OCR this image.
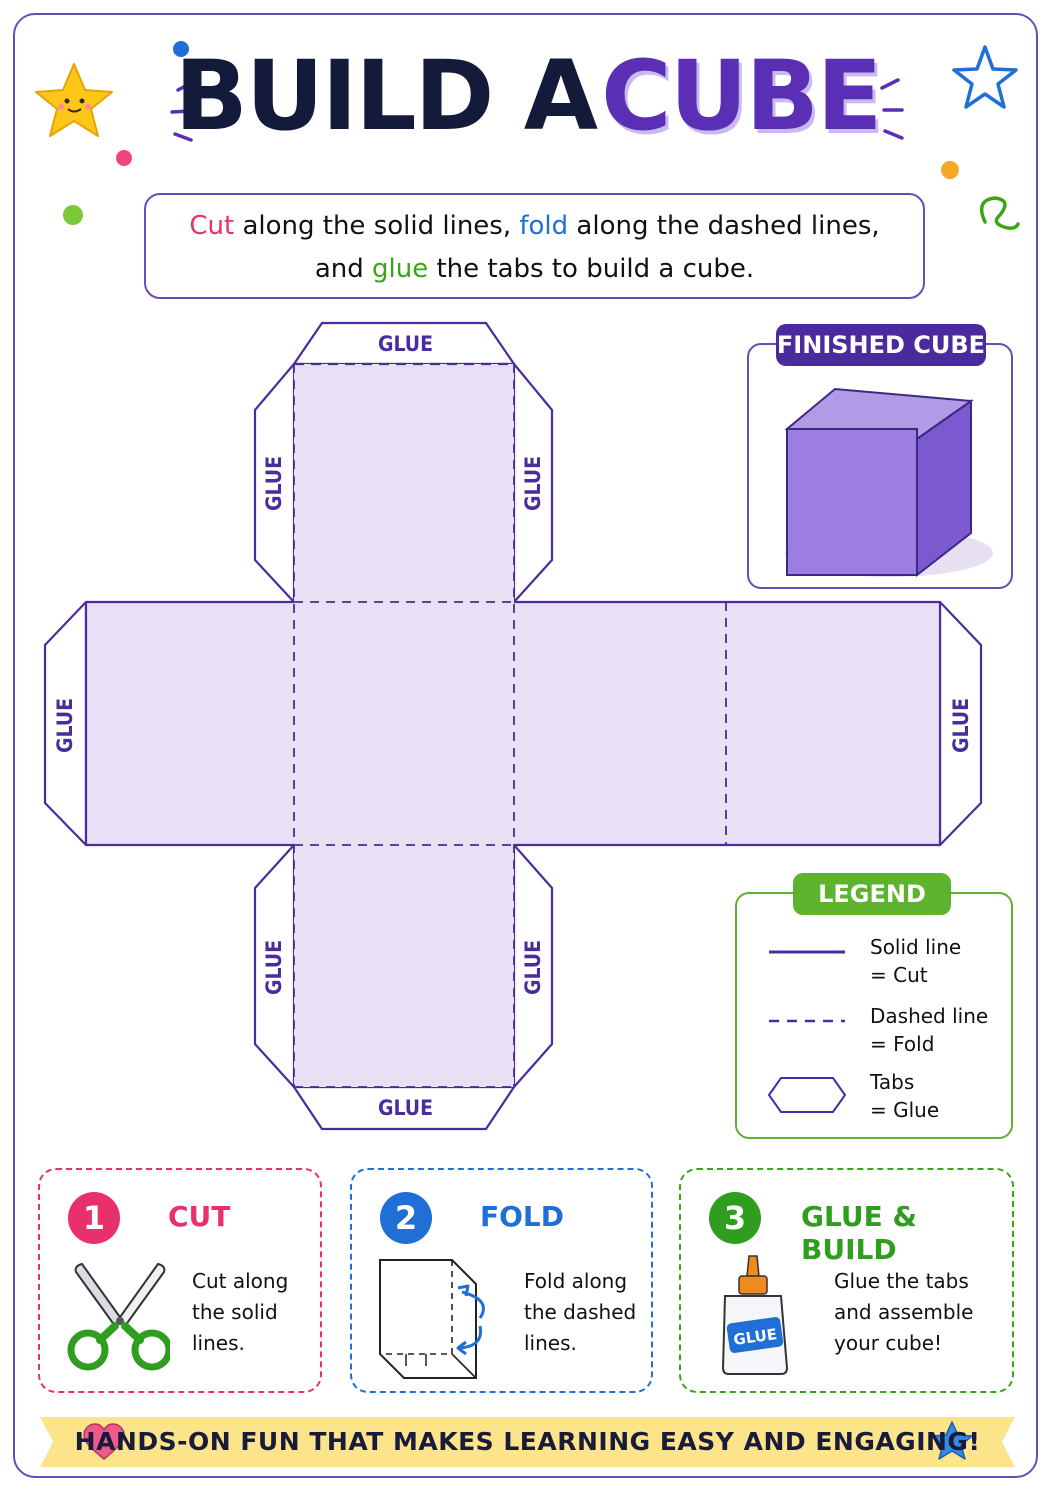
BUILD A CUBE
Cut along the solid lines, fold along the dashed lines,
and glue the tabs to build a cube.
GLUE
GLUE
GLUE	GLUE
GLUE	GLUE
GLUE	GLUE
FINISHED CUBE
Solid line
= Cut
Dashed line
= Fold
Tabs
= Glue
LEGEND
1	CUT
Cut along
the solid
lines.
2	FOLD
Fold along
the dashed
lines.
3	GLUE & BUILD
GLUE
Glue the tabs
and assemble
your cube!
HANDS-ON FUN THAT MAKES LEARNING EASY AND ENGAGING!
